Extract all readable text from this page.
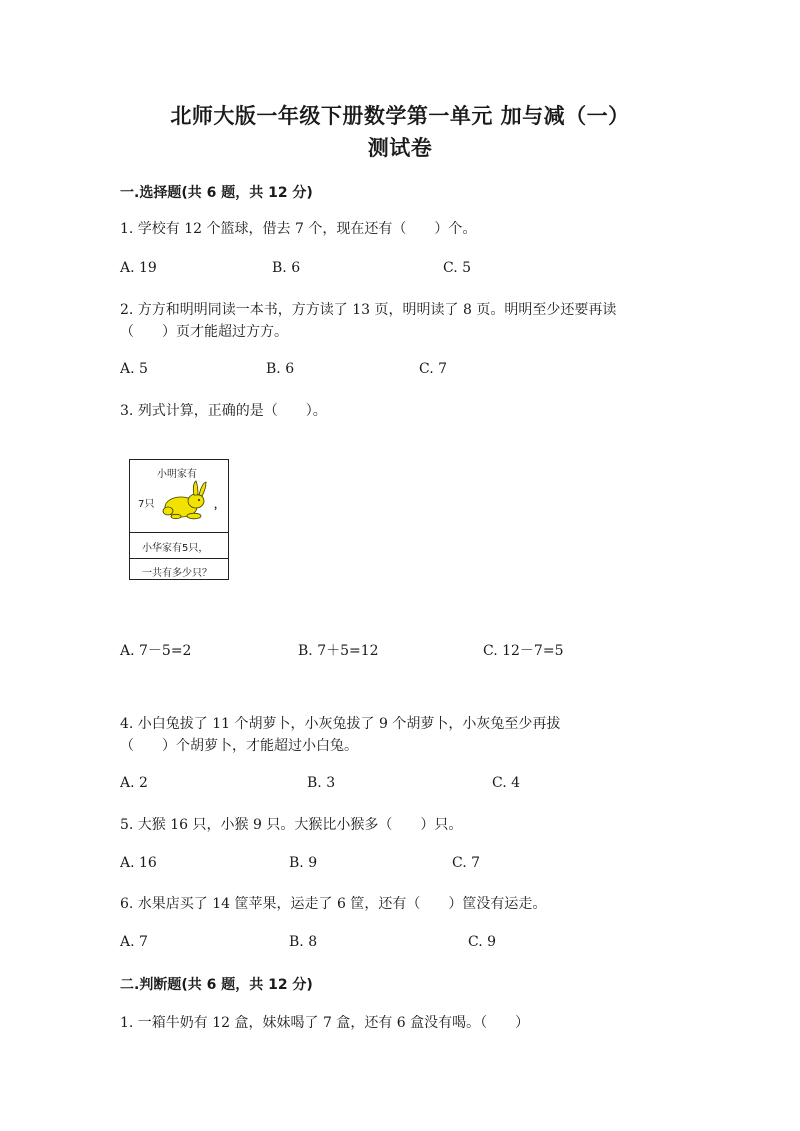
北师大版一年级下册数学第一单元 加与减（一）
测试卷
一.选择题(共 6 题，共 12 分)
1. 学校有 12 个篮球，借去 7 个，现在还有（　　）个。
A. 19	B. 6	C. 5
2. 方方和明明同读一本书，方方读了 13 页，明明读了 8 页。明明至少还要再读
（　　）页才能超过方方。
A. 5	B. 6	C. 7
3. 列式计算，正确的是（　　）。
小明家有
7只	，
小华家有5只，
一共有多少只？
A. 7－5=2	B. 7＋5=12	C. 12－7=5
4. 小白兔拔了 11 个胡萝卜，小灰兔拔了 9 个胡萝卜，小灰兔至少再拔
（　　）个胡萝卜，才能超过小白兔。
A. 2	B. 3	C. 4
5. 大猴 16 只，小猴 9 只。大猴比小猴多（　　）只。
A. 16	B. 9	C. 7
6. 水果店买了 14 筐苹果，运走了 6 筐，还有（　　）筐没有运走。
A. 7	B. 8	C. 9
二.判断题(共 6 题，共 12 分)
1. 一箱牛奶有 12 盒，妹妹喝了 7 盒，还有 6 盒没有喝。（　　）
